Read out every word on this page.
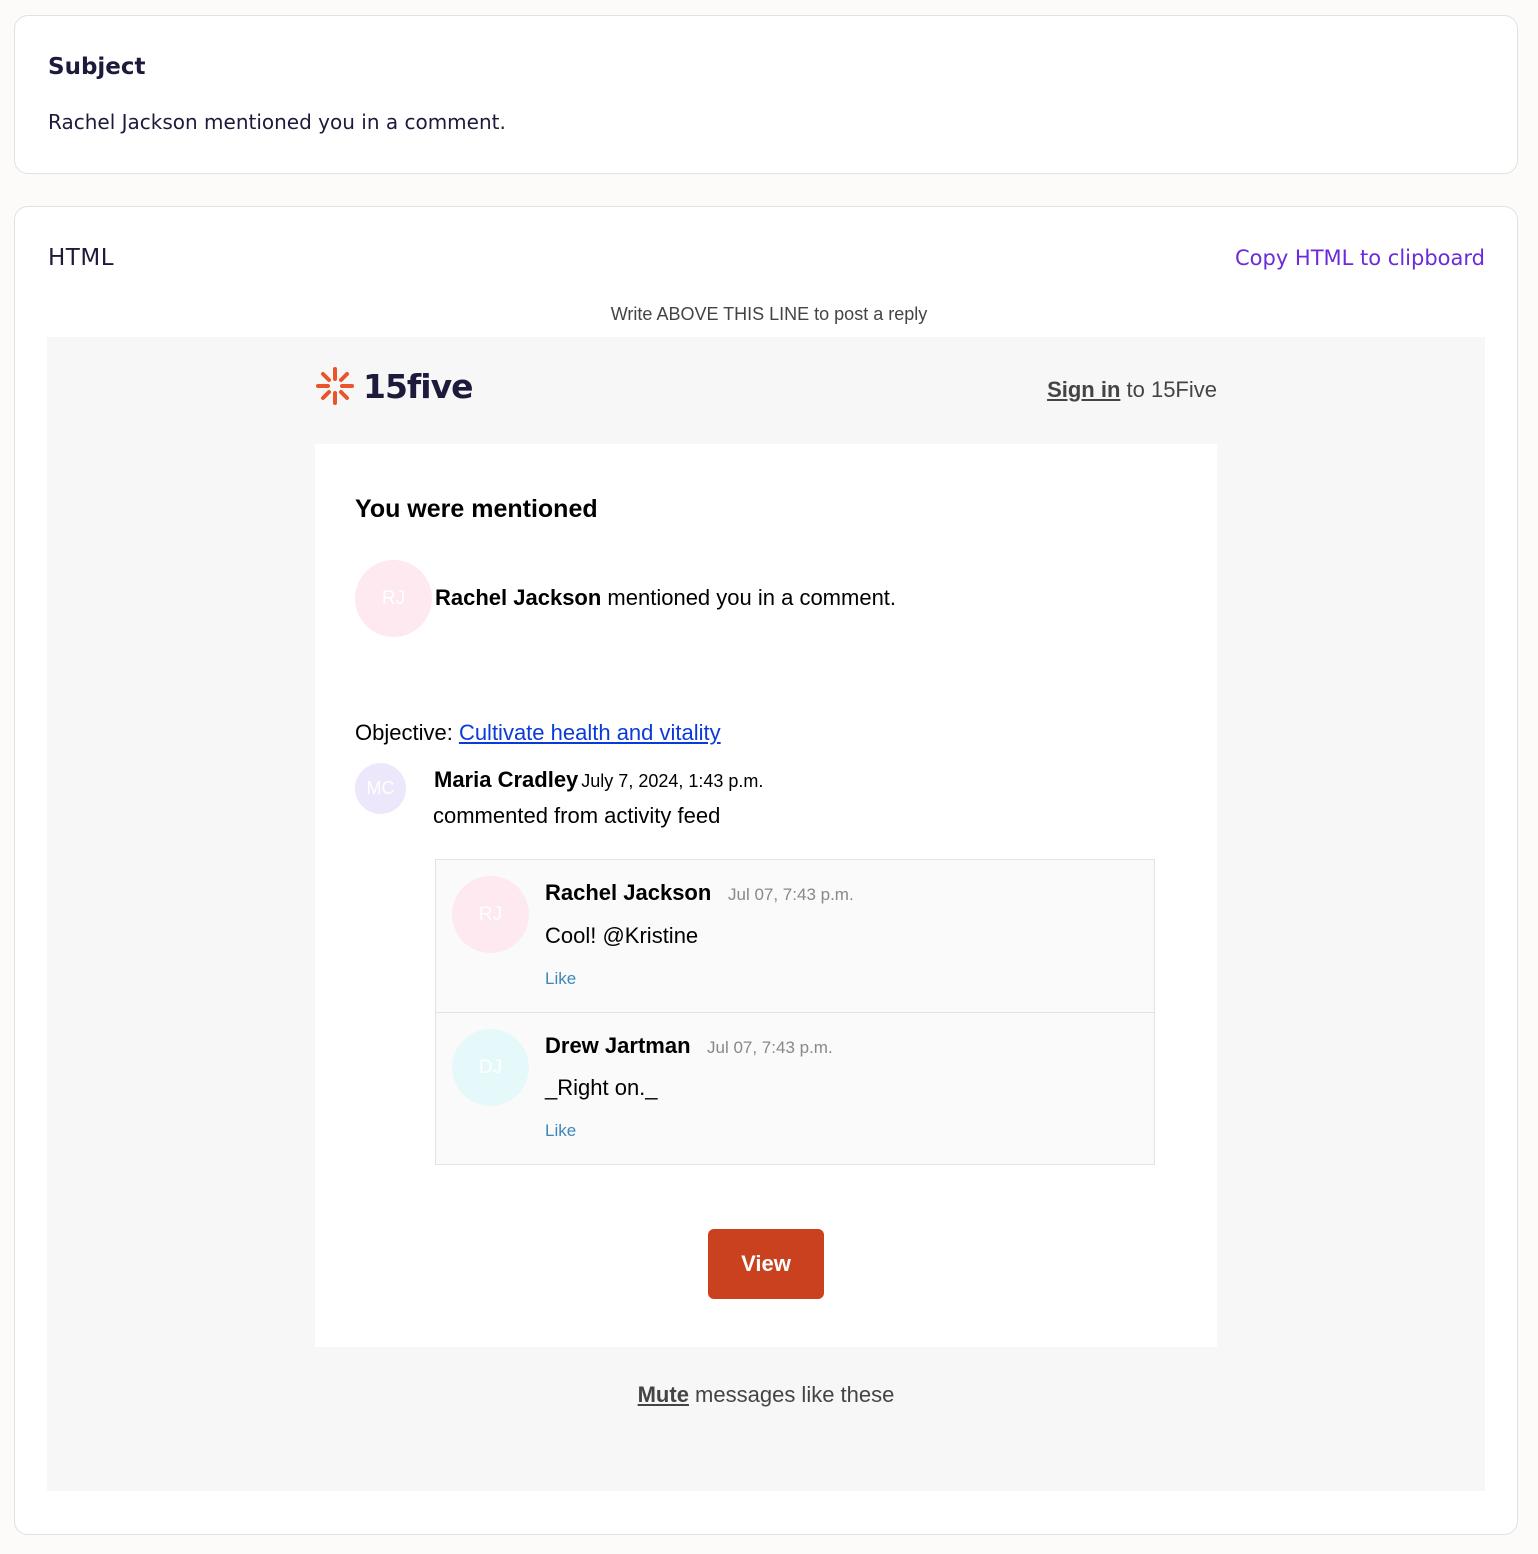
Subject
Rachel Jackson mentioned you in a comment.
HTML	Copy HTML to clipboard
Write ABOVE THIS LINE to post a reply
15five	Sign in to 15Five
You were mentioned
RJ	Rachel Jackson mentioned you in a comment.
Objective: Cultivate health and vitality
MC	Maria Cradley July 7, 2024, 1:43 p.m.
commented from activity feed
RJ
Rachel Jackson Jul 07, 7:43 p.m.
Cool! @Kristine
Like
DJ
Drew Jartman Jul 07, 7:43 p.m.
_Right on._
Like
View
Mute messages like these
